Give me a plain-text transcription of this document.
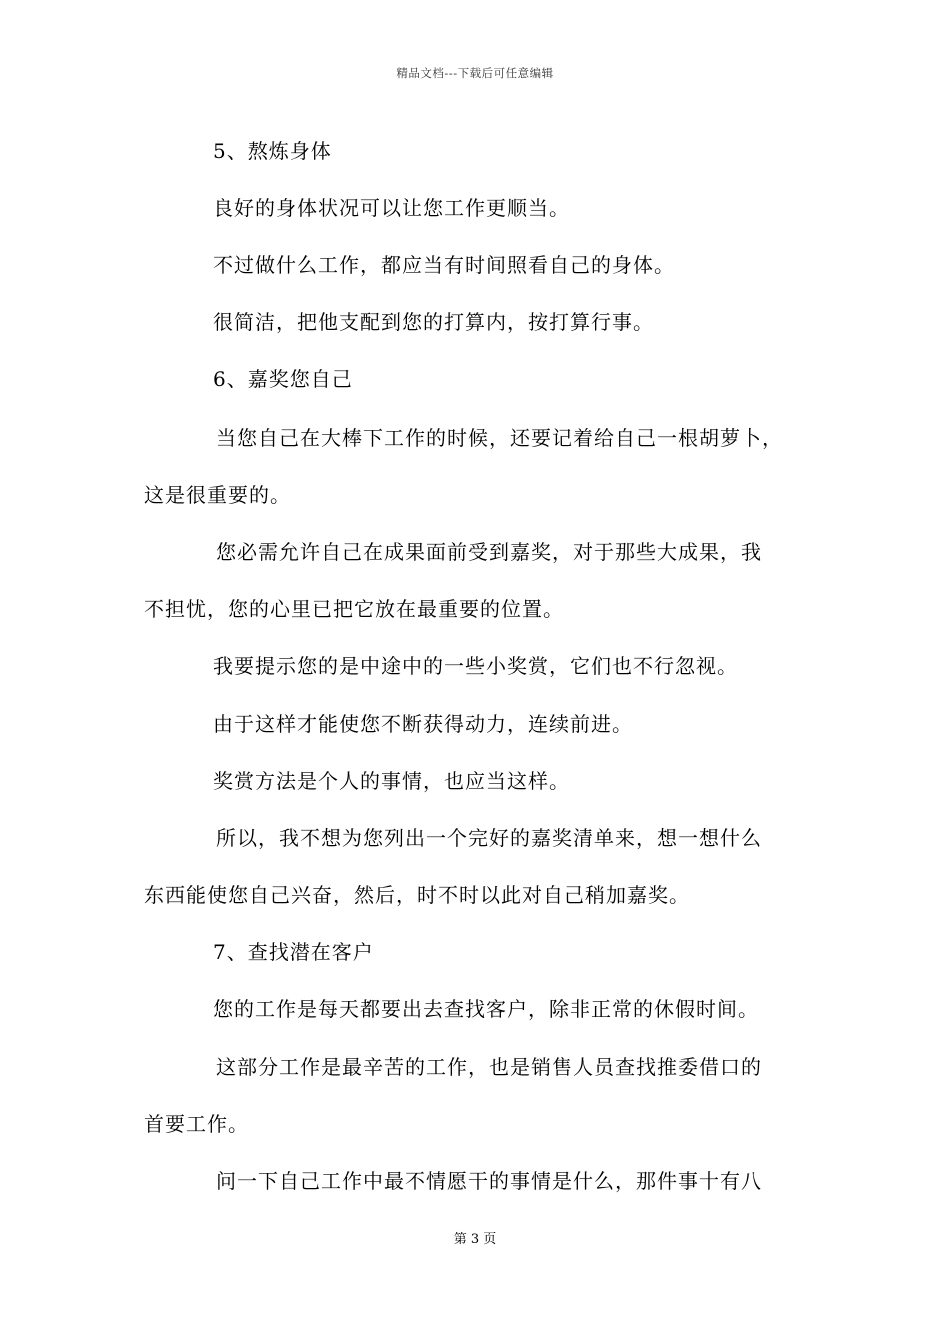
精品文档---下载后可任意编辑
5、熬炼身体
良好的身体状况可以让您工作更顺当。
不过做什么工作，都应当有时间照看自己的身体。
很简洁，把他支配到您的打算内，按打算行事。
6、嘉奖您自己
当您自己在大棒下工作的时候，还要记着给自己一根胡萝卜，
这是很重要的。
您必需允许自己在成果面前受到嘉奖，对于那些大成果，我
不担忧，您的心里已把它放在最重要的位置。
我要提示您的是中途中的一些小奖赏，它们也不行忽视。
由于这样才能使您不断获得动力，连续前进。
奖赏方法是个人的事情，也应当这样。
所以，我不想为您列出一个完好的嘉奖清单来，想一想什么
东西能使您自己兴奋，然后，时不时以此对自己稍加嘉奖。
7、查找潜在客户
您的工作是每天都要出去查找客户，除非正常的休假时间。
这部分工作是最辛苦的工作，也是销售人员查找推委借口的
首要工作。
问一下自己工作中最不情愿干的事情是什么，那件事十有八
第 3 页
